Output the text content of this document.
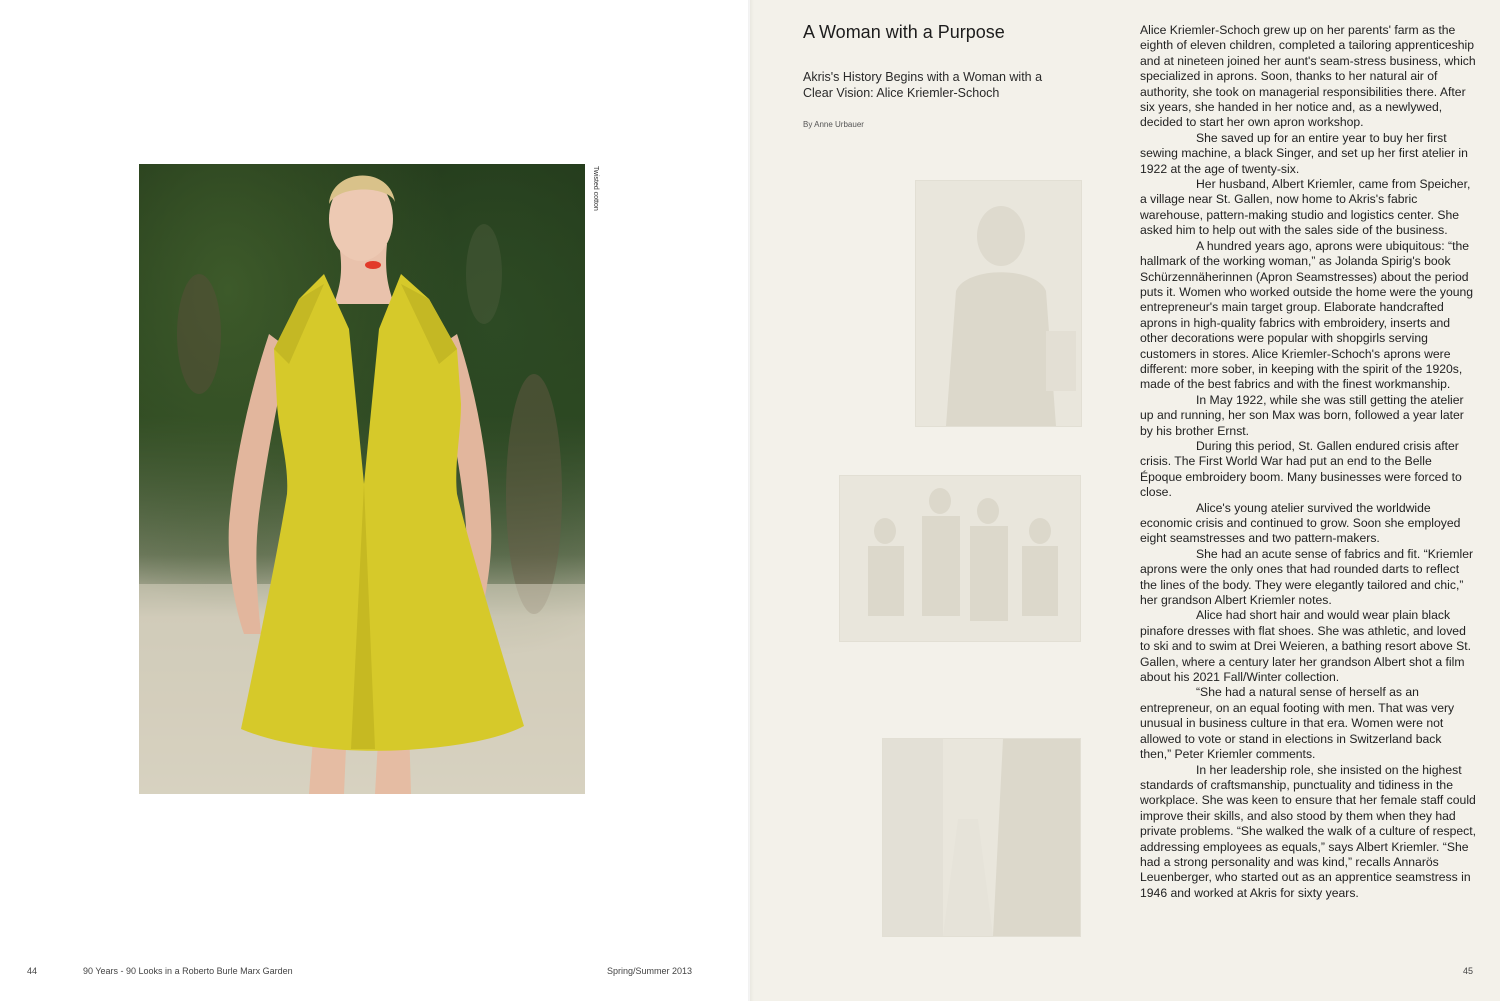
Twisted cotton
44	90 Years - 90 Looks in a Roberto Burle Marx Garden	Spring/Summer 2013
A Woman with a Purpose
Akris's History Begins with a Woman with a Clear Vision: Alice Kriemler-Schoch
By Anne Urbauer

Alice Kriemler-Schoch grew up on her parents' farm as the eighth of eleven children, completed a tailoring apprenticeship and at nineteen joined her aunt's seam-stress business, which specialized in aprons. Soon, thanks to her natural air of authority, she took on managerial responsibilities there. After six years, she handed in her notice and, as a newlywed, decided to start her own apron workshop.

She saved up for an entire year to buy her first sewing machine, a black Singer, and set up her first atelier in 1922 at the age of twenty-six.

Her husband, Albert Kriemler, came from Speicher, a village near St. Gallen, now home to Akris's fabric warehouse, pattern-making studio and logistics center. She asked him to help out with the sales side of the business.

A hundred years ago, aprons were ubiquitous: “the hallmark of the working woman,” as Jolanda Spirig's book Schürzennäherinnen (Apron Seamstresses) about the period puts it. Women who worked outside the home were the young entrepreneur's main target group. Elaborate handcrafted aprons in high-quality fabrics with embroidery, inserts and other decorations were popular with shopgirls serving customers in stores. Alice Kriemler-Schoch's aprons were different: more sober, in keeping with the spirit of the 1920s, made of the best fabrics and with the finest workmanship.

In May 1922, while she was still getting the atelier up and running, her son Max was born, followed a year later by his brother Ernst.

During this period, St. Gallen endured crisis after crisis. The First World War had put an end to the Belle Époque embroidery boom. Many businesses were forced to close.

Alice's young atelier survived the worldwide economic crisis and continued to grow. Soon she employed eight seamstresses and two pattern-makers.

She had an acute sense of fabrics and fit. “Kriemler aprons were the only ones that had rounded darts to reflect the lines of the body. They were elegantly tailored and chic,” her grandson Albert Kriemler notes.

Alice had short hair and would wear plain black pinafore dresses with flat shoes. She was athletic, and loved to ski and to swim at Drei Weieren, a bathing resort above St. Gallen, where a century later her grandson Albert shot a film about his 2021 Fall/Winter collection.

“She had a natural sense of herself as an entrepreneur, on an equal footing with men. That was very unusual in business culture in that era. Women were not allowed to vote or stand in elections in Switzerland back then,” Peter Kriemler comments.

In her leadership role, she insisted on the highest standards of craftsmanship, punctuality and tidiness in the workplace. She was keen to ensure that her female staff could improve their skills, and also stood by them when they had private problems. “She walked the walk of a culture of respect, addressing employees as equals,” says Albert Kriemler. “She had a strong personality and was kind,” recalls Annarös Leuenberger, who started out as an apprentice seamstress in 1946 and worked at Akris for sixty years.

45
